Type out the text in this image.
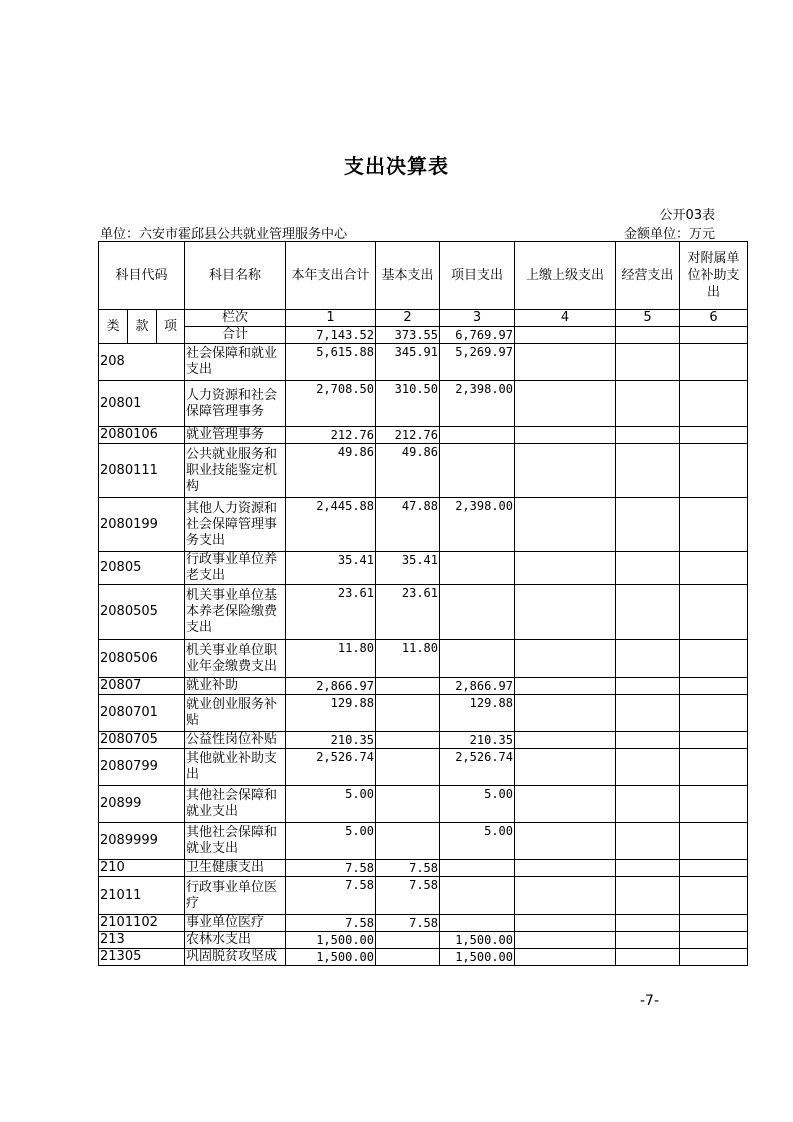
支出决算表
公开03表
单位：六安市霍邱县公共就业管理服务中心	金额单位：万元
科目代码			科目名称	本年支出合计	基本支出	项目支出	上缴上级支出	经营支出	对附属单位补助支出
类	款	项	栏次	1	2	3	4	5	6
			合计	7,143.52	373.55	6,769.97			
208			社会保障和就业支出	5,615.88	345.91	5,269.97			
20801			人力资源和社会保障管理事务	2,708.50	310.50	2,398.00			
2080106			就业管理事务	212.76	212.76				
2080111			公共就业服务和职业技能鉴定机构	49.86	49.86				
2080199			其他人力资源和社会保障管理事务支出	2,445.88	47.88	2,398.00			
20805			行政事业单位养老支出	35.41	35.41				
2080505			机关事业单位基本养老保险缴费支出	23.61	23.61				
2080506			机关事业单位职业年金缴费支出	11.80	11.80				
20807			就业补助	2,866.97		2,866.97			
2080701			就业创业服务补贴	129.88		129.88			
2080705			公益性岗位补贴	210.35		210.35			
2080799			其他就业补助支出	2,526.74		2,526.74			
20899			其他社会保障和就业支出	5.00		5.00			
2089999			其他社会保障和就业支出	5.00		5.00			
210			卫生健康支出	7.58	7.58				
21011			行政事业单位医疗	7.58	7.58				
2101102			事业单位医疗	7.58	7.58				
213			农林水支出	1,500.00		1,500.00			
21305			巩固脱贫攻坚成	1,500.00		1,500.00			
-7-
